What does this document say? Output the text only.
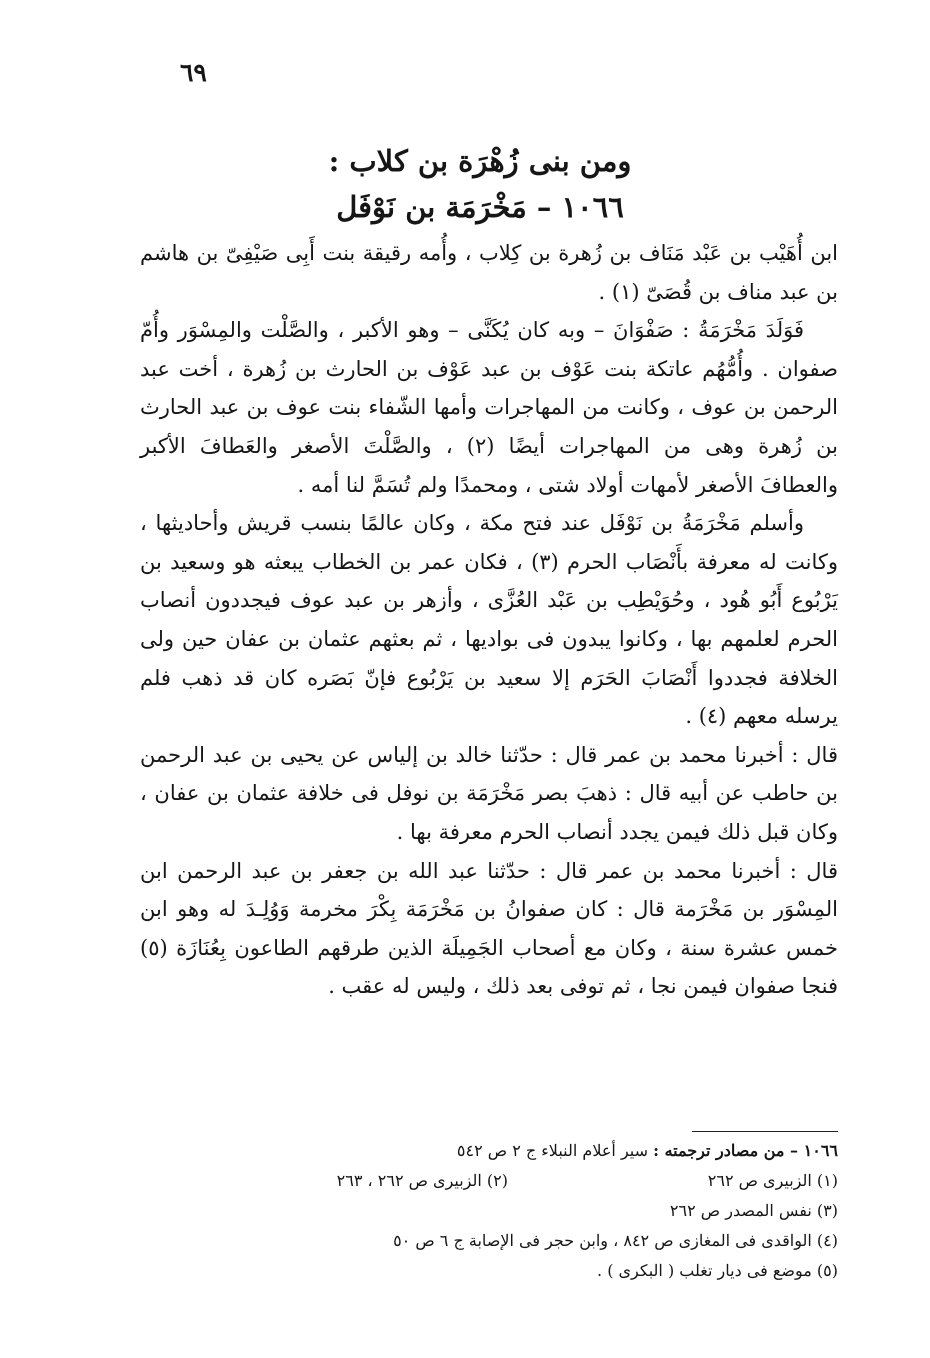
٦٩
ومن بنى زُهْرَة بن كلاب :
١٠٦٦ – مَخْرَمَة بن نَوْفَل

ابن أُهَيْب بن عَبْد مَنَاف بن زُهرة بن كِلاب ، وأُمه رقيقة بنت أَبِى صَيْفِىّ بن هاشم بن عبد مناف بن قُصَىّ (١) .

فَوَلَدَ مَخْرَمَةُ : صَفْوَانَ – وبه كان يُكَنَّى – وهو الأكبر ، والصَّلْت والمِسْوَر وأُمّ صفوان . وأُمُّهُم عاتكة بنت عَوْف بن عبد عَوْف بن الحارث بن زُهرة ، أخت عبد الرحمن بن عوف ، وكانت من المهاجرات وأمها الشّفاء بنت عوف بن عبد الحارث بن زُهرة وهى من المهاجرات أيضًا (٢) ، والصَّلْتَ الأصغر والعَطافَ الأكبر والعطافَ الأصغر لأمهات أولاد شتى ، ومحمدًا ولم تُسَمَّ لنا أمه .

وأسلم مَخْرَمَةُ بن نَوْفَل عند فتح مكة ، وكان عالمًا بنسب قريش وأحاديثها ، وكانت له معرفة بأَنْصَاب الحرم (٣) ، فكان عمر بن الخطاب يبعثه هو وسعيد بن يَرْبُوع أَبُو هُود ، وحُوَيْطِب بن عَبْد العُزَّى ، وأزهر بن عبد عوف فيجددون أنصاب الحرم لعلمهم بها ، وكانوا يبدون فى بواديها ، ثم بعثهم عثمان بن عفان حين ولى الخلافة فجددوا أَنْصَابَ الحَرَم إلا سعيد بن يَرْبُوع فإنّ بَصَره كان قد ذهب فلم يرسله معهم (٤) .

قال : أخبرنا محمد بن عمر قال : حدّثنا خالد بن إلياس عن يحيى بن عبد الرحمن بن حاطب عن أبيه قال : ذهبَ بصر مَخْرَمَة بن نوفل فى خلافة عثمان بن عفان ، وكان قبل ذلك فيمن يجدد أنصاب الحرم معرفة بها .

قال : أخبرنا محمد بن عمر قال : حدّثنا عبد الله بن جعفر بن عبد الرحمن ابن المِسْوَر بن مَخْرَمة قال : كان صفوانُ بن مَخْرَمَة بِكْرَ مخرمة وَوُلِـدَ له وهو ابن خمس عشرة سنة ، وكان مع أصحاب الجَمِيلَة الذين طرقهم الطاعون بِعُنَازَة (٥) فنجا صفوان فيمن نجا ، ثم توفى بعد ذلك ، وليس له عقب .

١٠٦٦ – من مصادر ترجمته : سير أعلام النبلاء ج ٢ ص ٥٤٢
(١) الزبيرى ص ٢٦٢
(٢) الزبيرى ص ٢٦٢ ، ٢٦٣
(٣) نفس المصدر ص ٢٦٢
(٤) الواقدى فى المغازى ص ٨٤٢ ، وابن حجر فى الإصابة ج ٦ ص ٥٠
(٥) موضع فى ديار تغلب ( البكرى ) .
